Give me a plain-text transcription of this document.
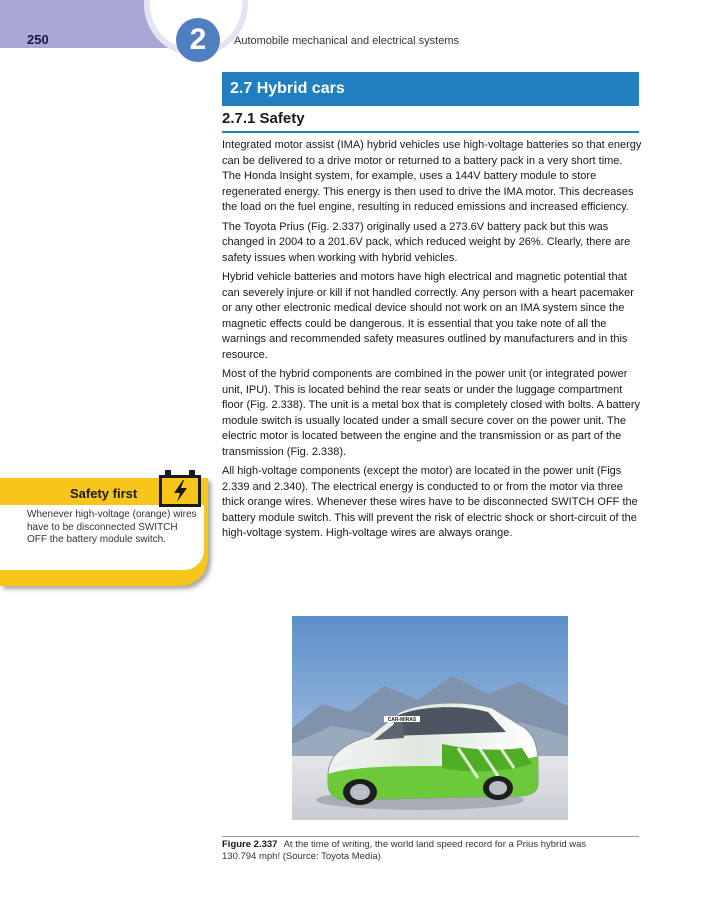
250	2	Automobile mechanical and electrical systems
2.7 Hybrid cars
2.7.1 Safety

Integrated motor assist (IMA) hybrid vehicles use high-voltage batteries so that energy can be delivered to a drive motor or returned to a battery pack in a very short time. The Honda Insight system, for example, uses a 144V battery module to store regenerated energy. This energy is then used to drive the IMA motor. This decreases the load on the fuel engine, resulting in reduced emissions and increased efficiency.

The Toyota Prius (Fig. 2.337) originally used a 273.6V battery pack but this was changed in 2004 to a 201.6V pack, which reduced weight by 26%. Clearly, there are safety issues when working with hybrid vehicles.

Hybrid vehicle batteries and motors have high electrical and magnetic potential that can severely injure or kill if not handled correctly. Any person with a heart pacemaker or any other electronic medical device should not work on an IMA system since the magnetic effects could be dangerous. It is essential that you take note of all the warnings and recommended safety measures outlined by manufacturers and in this resource.

Most of the hybrid components are combined in the power unit (or integrated power unit, IPU). This is located behind the rear seats or under the luggage compartment floor (Fig. 2.338). The unit is a metal box that is completely closed with bolts. A battery module switch is usually located under a small secure cover on the power unit. The electric motor is located between the engine and the transmission or as part of the transmission (Fig. 2.338).

All high-voltage components (except the motor) are located in the power unit (Figs 2.339 and 2.340). The electrical energy is conducted to or from the motor via three thick orange wires. Whenever these wires have to be disconnected SWITCH OFF the battery module switch. This will prevent the risk of electric shock or short-circuit of the high-voltage system. High-voltage wires are always orange.

Safety first
Whenever high-voltage (orange) wires have to be disconnected SWITCH OFF the battery module switch.
CAR-MIRAS
Figure 2.337 At the time of writing, the world land speed record for a Prius hybrid was 130.794 mph! (Source: Toyota Media)
